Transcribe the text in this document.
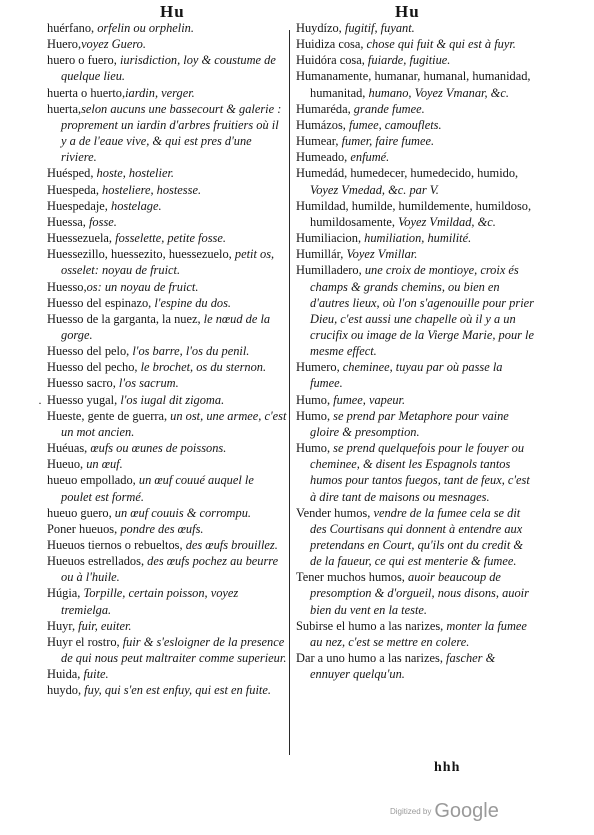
Hu	Hu
·
huérfano, orfelin ou orphelin.
Huero,voyez Guero.
huero o fuero, iurisdiction, loy & coustume de quelque lieu.
huerta o huerto,iardin, verger.
huerta,selon aucuns une bassecourt & galerie : proprement un iardin d'arbres fruitiers où il y a de l'eaue vive, & qui est pres d'une riviere.
Huésped, hoste, hostelier.
Huespeda, hosteliere, hostesse.
Huespedaje, hostelage.
Huessa, fosse.
Huessezuela, fosselette, petite fosse.
Huessezillo, huessezito, huessezuelo, petit os, osselet: noyau de fruict.
Huesso,os: un noyau de fruict.
Huesso del espinazo, l'espine du dos.
Huesso de la garganta, la nuez, le nœud de la gorge.
Huesso del pelo, l'os barre, l'os du penil.
Huesso del pecho, le brochet, os du sternon.
Huesso sacro, l'os sacrum.
Huesso yugal, l'os iugal dit zigoma.
Hueste, gente de guerra, un ost, une armee, c'est un mot ancien.
Huéuas, œufs ou œunes de poissons.
Hueuo, un œuf.
hueuo empollado, un œuf couué auquel le poulet est formé.
hueuo guero, un œuf couuis & corrompu.
Poner hueuos, pondre des œufs.
Hueuos tiernos o rebueltos, des œufs brouillez.
Hueuos estrellados, des œufs pochez au beurre ou à l'huile.
Húgia, Torpille, certain poisson, voyez tremielga.
Huyr, fuir, euiter.
Huyr el rostro, fuir & s'esloigner de la presence de qui nous peut maltraiter comme superieur.
Huida, fuite.
huydo, fuy, qui s'en est enfuy, qui est en fuite.
Huydízo, fugitif, fuyant.
Huidiza cosa, chose qui fuit & qui est à fuyr.
Huidóra cosa, fuiarde, fugitiue.
Humanamente, humanar, humanal, humanidad, humanitad, humano, Voyez Vmanar, &c.
Humaréda, grande fumee.
Humázos, fumee, camouflets.
Humear, fumer, faire fumee.
Humeado, enfumé.
Humedád, humedecer, humedecido, humido, Voyez Vmedad, &c. par V.
Humildad, humilde, humildemente, humildoso, humildosamente, Voyez Vmildad, &c.
Humiliacion, humiliation, humilité.
Humillár, Voyez Vmillar.
Humilladero, une croix de montioye, croix és champs & grands chemins, ou bien en d'autres lieux, où l'on s'agenouille pour prier Dieu, c'est aussi une chapelle où il y a un crucifix ou image de la Vierge Marie, pour le mesme effect.
Humero, cheminee, tuyau par où passe la fumee.
Humo, fumee, vapeur.
Humo, se prend par Metaphore pour vaine gloire & presomption.
Humo, se prend quelquefois pour le fouyer ou cheminee, & disent les Espagnols tantos humos pour tantos fuegos, tant de feux, c'est à dire tant de maisons ou mesnages.
Vender humos, vendre de la fumee cela se dit des Courtisans qui donnent à entendre aux pretendans en Court, qu'ils ont du credit & de la faueur, ce qui est menterie & fumee.
Tener muchos humos, auoir beaucoup de presomption & d'orgueil, nous disons, auoir bien du vent en la teste.
Subirse el humo a las narizes, monter la fumee au nez, c'est se mettre en colere.
Dar a uno humo a las narizes, fascher & ennuyer quelqu'un.
hhh
Digitized by Google
